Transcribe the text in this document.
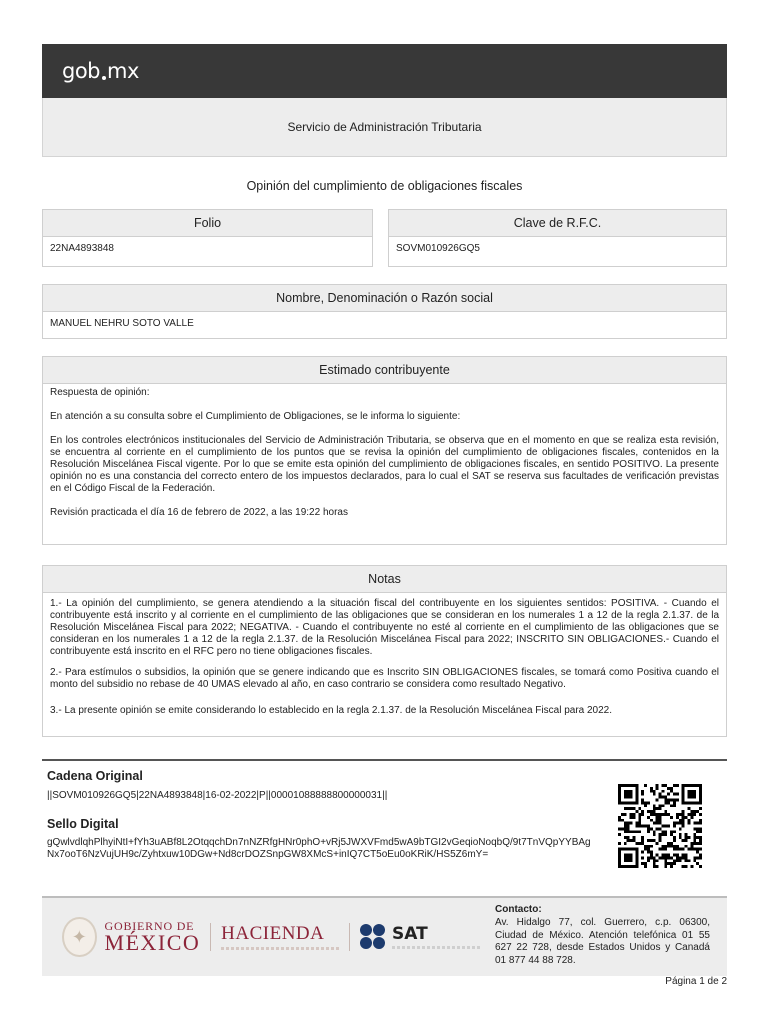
gob mx
Servicio de Administración Tributaria
Opinión del cumplimiento de obligaciones fiscales
Folio
22NA4893848
Clave de R.F.C.
SOVM010926GQ5
Nombre, Denominación o Razón social
MANUEL NEHRU SOTO VALLE
Estimado contribuyente

Respuesta de opinión:

En atención a su consulta sobre el Cumplimiento de Obligaciones, se le informa lo siguiente:

En los controles electrónicos institucionales del Servicio de Administración Tributaria, se observa que en el momento en que se realiza esta revisión, se encuentra al corriente en el cumplimiento de los puntos que se revisa la opinión del cumplimiento de obligaciones fiscales, contenidos en la Resolución Miscelánea Fiscal vigente. Por lo que se emite esta opinión del cumplimiento de obligaciones fiscales, en sentido POSITIVO. La presente opinión no es una constancia del correcto entero de los impuestos declarados, para lo cual el SAT se reserva sus facultades de verificación previstas en el Código Fiscal de la Federación.

Revisión practicada el día 16 de febrero de 2022, a las 19:22 horas

Notas

1.- La opinión del cumplimiento, se genera atendiendo a la situación fiscal del contribuyente en los siguientes sentidos: POSITIVA. - Cuando el contribuyente está inscrito y al corriente en el cumplimiento de las obligaciones que se consideran en los numerales 1 a 12 de la regla 2.1.37. de la Resolución Miscelánea Fiscal para 2022; NEGATIVA. - Cuando el contribuyente no esté al corriente en el cumplimiento de las obligaciones que se consideran en los numerales 1 a 12 de la regla 2.1.37. de la Resolución Miscelánea Fiscal para 2022; INSCRITO SIN OBLIGACIONES.- Cuando el contribuyente está inscrito en el RFC pero no tiene obligaciones fiscales.

2.- Para estímulos o subsidios, la opinión que se genere indicando que es Inscrito SIN OBLIGACIONES fiscales, se tomará como Positiva cuando el monto del subsidio no rebase de 40 UMAS elevado al año, en caso contrario se considera como resultado Negativo.

3.- La presente opinión se emite considerando lo establecido en la regla 2.1.37. de la Resolución Miscelánea Fiscal para 2022.

Cadena Original
||SOVM010926GQ5|22NA4893848|16-02-2022|P||00001088888800000031||
Sello Digital
gQwlvdlqhPlhyiNtI+fYh3uABf8L2OtqqchDn7nNZRfgHNr0phO+vRj5JWXVFmd5wA9bTGI2vGeqioNoqbQ/9t7TnVQpYYBAgNx7ooT6NzVujUH9c/Zyhtxuw10DGw+Nd8crDOZSnpGW8XMcS+inIQ7CT5oEu0oKRiK/HS5Z6mY=
✦
GOBIERNO DE
MÉXICO HACIENDA	SAT
Contacto:
Av. Hidalgo 77, col. Guerrero, c.p. 06300, Ciudad de México. Atención telefónica 01 55 627 22 728, desde Estados Unidos y Canadá 01 877 44 88 728.
Página 1 de 2
